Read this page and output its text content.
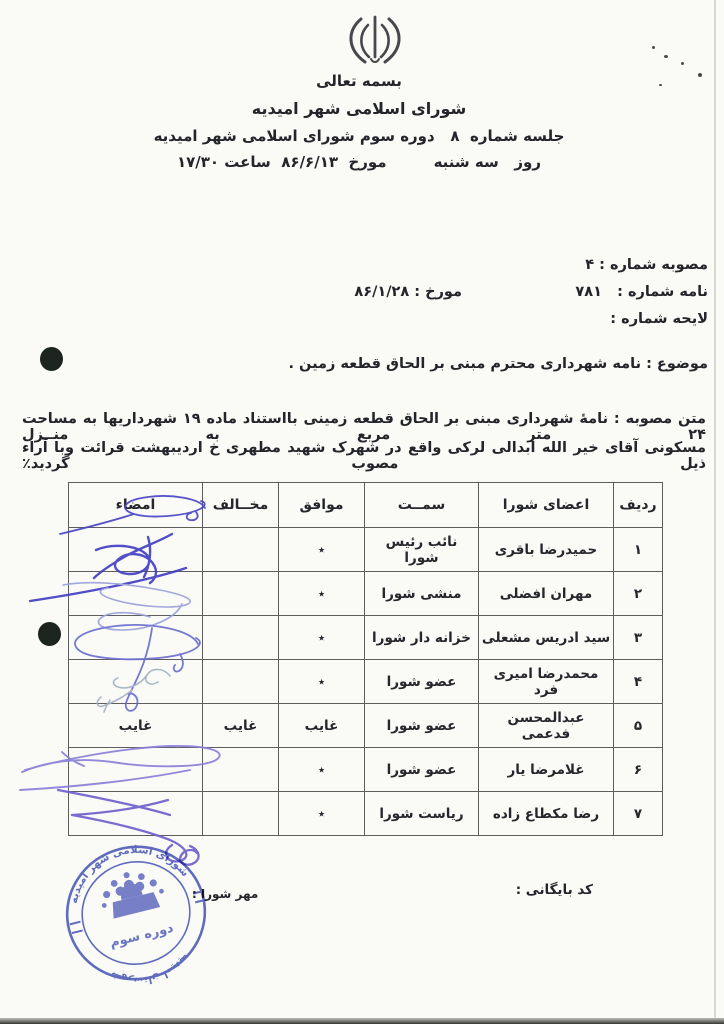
بسمه تعالی
شورای اسلامی شهر امیدیه
جلسه شماره  ۸   دوره سوم شورای اسلامی شهر امیدیه
روز   سه شنبه         مورخ  ۸۶/۶/۱۳  ساعت ۱۷/۳۰
مصوبه شماره : ۴
نامه شماره :   ۷۸۱
مورخ : ۸۶/۱/۲۸
لایحه شماره :
موضوع : نامه شهرداری محترم مبنی بر الحاق قطعه زمین .
متن مصوبه : نامۀ شهرداری مبنی بر الحاق قطعه زمینی بااستناد ماده ۱۹ شهرداریها به مساحت ۲۴ متر مربع به منــزل
مسکونی آقای خیر الله ابدالی لرکی واقع در شهرک شهید مطهری خ اردیبهشت قرائت وبا آراء ذیل مصوب گردید٪
ردیف	اعضای شورا	سمــت	موافق	مخــالف	امضاء
۱	حمیدرضا باقری	نائب رئیس شورا	٭		
۲	مهران افضلی	منشی شورا	٭		
۳	سید ادریس مشعلی	خزانه دار شورا	٭		
۴	محمدرضا امیری فرد	عضو شورا	٭		
۵	عبدالمحسن فدعمی	عضو شورا	غایب	غایب	غایب
۶	غلامرضا یار	عضو شورا	٭		
۷	رضا مکطاع زاده	ریاست شورا	٭		
کد بایگانی :
مهر شورا :
شورای اسلامی شهر امیدیه
شهرستان امیدیه
دوره سوم
